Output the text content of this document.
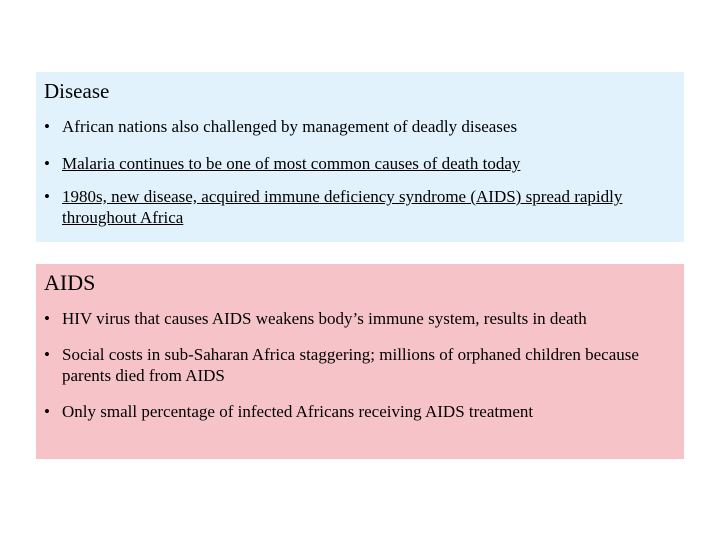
Disease
• African nations also challenged by management of deadly diseases
• Malaria continues to be one of most common causes of death today
• 1980s, new disease, acquired immune deficiency syndrome (AIDS) spread rapidly throughout Africa
AIDS
• HIV virus that causes AIDS weakens body’s immune system, results in death
• Social costs in sub-Saharan Africa staggering; millions of orphaned children because parents died from AIDS
• Only small percentage of infected Africans receiving AIDS treatment
